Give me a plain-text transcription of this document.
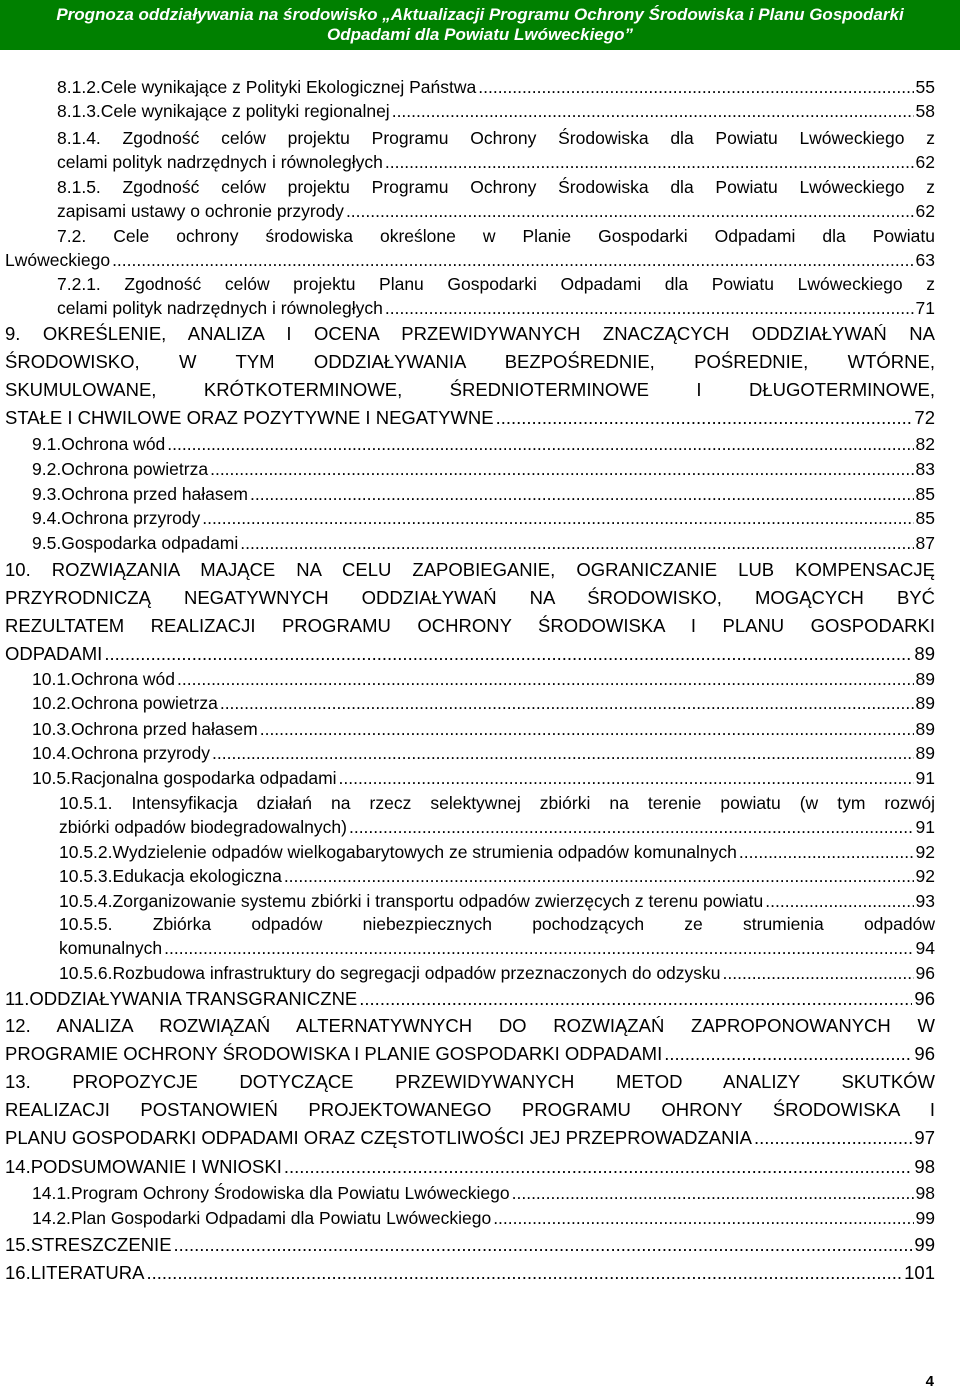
Prognoza oddziaływania na środowisko „Aktualizacji Programu Ochrony Środowiska i Planu Gospodarki
Odpadami dla Powiatu Lwóweckiego”
8.1.2. Cele wynikające z Polityki Ekologicznej Państwa .....	55
8.1.3. Cele wynikające z polityki regionalnej .....	58
8.1.4. Zgodność celów projektu Programu Ochrony Środowiska dla Powiatu Lwóweckiego z
celami polityk nadrzędnych i równoległych .....	62
8.1.5. Zgodność celów projektu Programu Ochrony Środowiska dla Powiatu Lwóweckiego z
zapisami ustawy o ochronie przyrody .....	62
7.2. Cele ochrony środowiska określone w Planie Gospodarki Odpadami dla Powiatu
Lwóweckiego .....	63
7.2.1. Zgodność celów projektu Planu Gospodarki Odpadami dla Powiatu Lwóweckiego z
celami polityk nadrzędnych i równoległych .....	71
9. OKREŚLENIE, ANALIZA I OCENA PRZEWIDYWANYCH ZNACZĄCYCH ODDZIAŁYWAŃ NA
ŚRODOWISKO, W TYM ODDZIAŁYWANIA BEZPOŚREDNIE, POŚREDNIE, WTÓRNE,
SKUMULOWANE, KRÓTKOTERMINOWE, ŚREDNIOTERMINOWE I DŁUGOTERMINOWE,
STAŁE I CHWILOWE ORAZ POZYTYWNE I NEGATYWNE .....	72
9.1. Ochrona wód .....	82
9.2. Ochrona powietrza .....	83
9.3. Ochrona przed hałasem .....	85
9.4. Ochrona przyrody .....	85
9.5. Gospodarka odpadami .....	87
10. ROZWIĄZANIA MAJĄCE NA CELU ZAPOBIEGANIE, OGRANICZANIE LUB KOMPENSACJĘ
PRZYRODNICZĄ NEGATYWNYCH ODDZIAŁYWAŃ NA ŚRODOWISKO, MOGĄCYCH BYĆ
REZULTATEM REALIZACJI PROGRAMU OCHRONY ŚRODOWISKA I PLANU GOSPODARKI
ODPADAMI .....	89
10.1. Ochrona wód .....	89
10.2. Ochrona powietrza .....	89
10.3. Ochrona przed hałasem .....	89
10.4. Ochrona przyrody .....	89
10.5. Racjonalna gospodarka odpadami .....	91
10.5.1. Intensyfikacja działań na rzecz selektywnej zbiórki na terenie powiatu (w tym rozwój
zbiórki odpadów biodegradowalnych) .....	91
10.5.2. Wydzielenie odpadów wielkogabarytowych ze strumienia odpadów komunalnych .....	92
10.5.3. Edukacja ekologiczna .....	92
10.5.4. Zorganizowanie systemu zbiórki i transportu odpadów zwierzęcych z terenu powiatu .....	93
10.5.5. Zbiórka odpadów niebezpiecznych pochodzących ze strumienia odpadów
komunalnych .....	94
10.5.6. Rozbudowa infrastruktury do segregacji odpadów przeznaczonych do odzysku .....	96
11. ODDZIAŁYWANIA TRANSGRANICZNE .....	96
12. ANALIZA ROZWIĄZAŃ ALTERNATYWNYCH DO ROZWIĄZAŃ ZAPROPONOWANYCH W
PROGRAMIE OCHRONY ŚRODOWISKA I PLANIE GOSPODARKI ODPADAMI .....	96
13. PROPOZYCJE DOTYCZĄCE PRZEWIDYWANYCH METOD ANALIZY SKUTKÓW
REALIZACJI POSTANOWIEŃ PROJEKTOWANEGO PROGRAMU OHRONY ŚRODOWISKA I
PLANU GOSPODARKI ODPADAMI ORAZ CZĘSTOTLIWOŚCI JEJ PRZEPROWADZANIA .....	97
14. PODSUMOWANIE I WNIOSKI .....	98
14.1. Program Ochrony Środowiska dla Powiatu Lwóweckiego .....	98
14.2. Plan Gospodarki Odpadami dla Powiatu Lwóweckiego .....	99
15. STRESZCZENIE .....	99
16. LITERATURA .....	101
4
